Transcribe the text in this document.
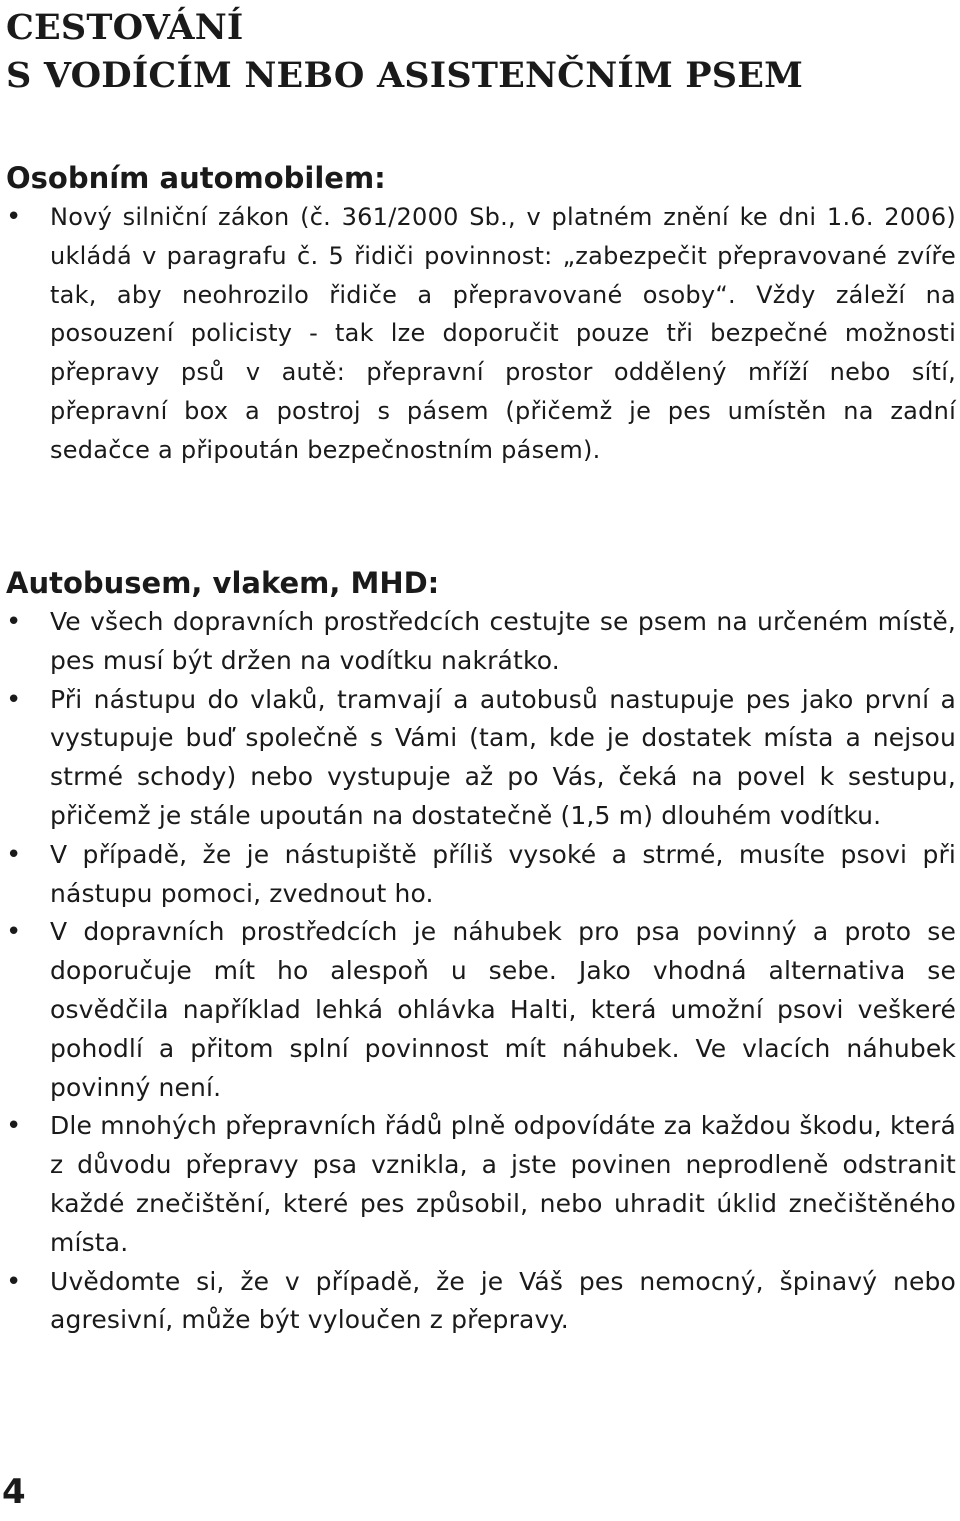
CESTOVÁNÍ
S VODÍCÍM NEBO ASISTENČNÍM PSEM
Osobním automobilem:
• Nový silniční zákon (č. 361/2000 Sb., v platném znění ke dni 1.6. 2006) ukládá v paragrafu č. 5 řidiči povinnost: „zabezpečit přepravované zvíře tak, aby neohrozilo řidiče a přepravované osoby“. Vždy záleží na posouzení policisty - tak lze doporučit pouze tři bezpečné možnosti přepravy psů v autě: přepravní prostor oddělený mříží nebo sítí, přepravní box a postroj s pásem (přičemž je pes umístěn na zadní sedačce a připoután bezpečnostním pásem).
Autobusem, vlakem, MHD:
• Ve všech dopravních prostředcích cestujte se psem na určeném místě, pes musí být držen na vodítku nakrátko.
• Při nástupu do vlaků, tramvají a autobusů nastupuje pes jako první a vystupuje buď společně s Vámi (tam, kde je dostatek místa a nejsou strmé schody) nebo vystupuje až po Vás, čeká na povel k sestupu, přičemž je stále upoután na dostatečně (1,5 m) dlouhém vodítku.
• V případě, že je nástupiště příliš vysoké a strmé, musíte psovi při nástupu pomoci, zvednout ho.
• V dopravních prostředcích je náhubek pro psa povinný a proto se doporučuje mít ho alespoň u sebe. Jako vhodná alternativa se osvědčila například lehká ohlávka Halti, která umožní psovi veškeré pohodlí a přitom splní povinnost mít náhubek. Ve vlacích náhubek povinný není.
• Dle mnohých přepravních řádů plně odpovídáte za každou škodu, která z důvodu přepravy psa vznikla, a jste povinen neprodleně odstranit každé znečištění, které pes způsobil, nebo uhradit úklid znečištěného místa.
• Uvědomte si, že v případě, že je Váš pes nemocný, špinavý nebo agresivní, může být vyloučen z přepravy.
4
